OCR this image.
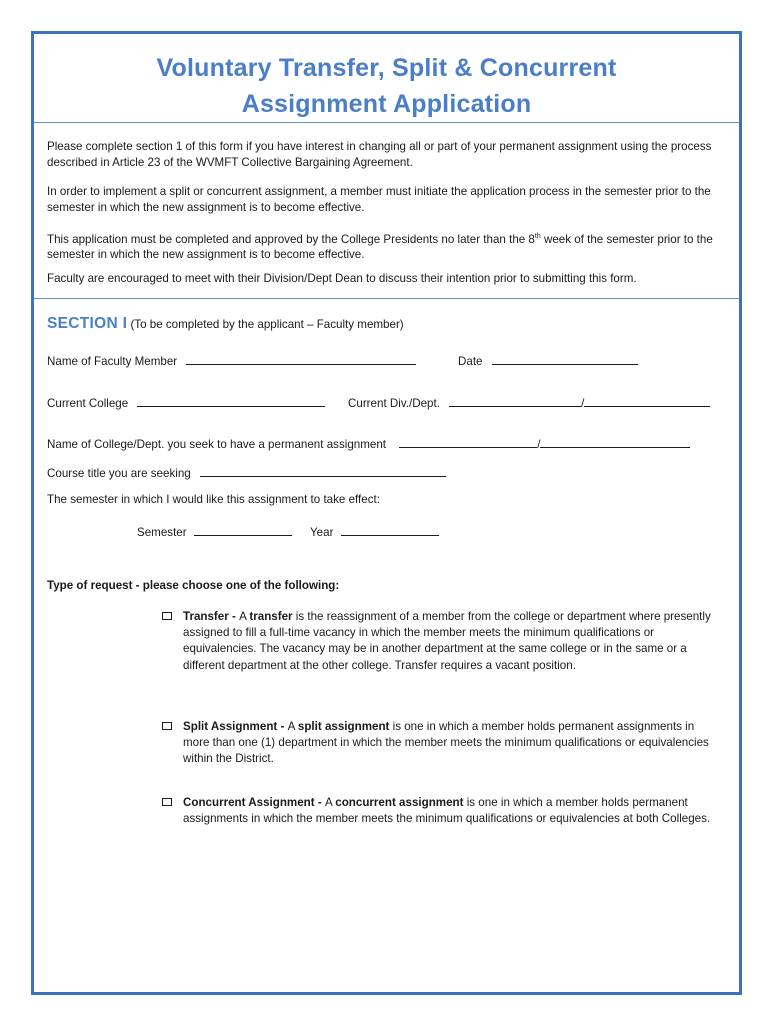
Voluntary Transfer, Split & Concurrent
Assignment Application
Please complete section 1 of this form if you have interest in changing all or part of your permanent assignment using the process described in Article 23 of the WVMFT Collective Bargaining Agreement.
In order to implement a split or concurrent assignment, a member must initiate the application process in the semester prior to the semester in which the new assignment is to become effective.
This application must be completed and approved by the College Presidents no later than the 8th week of the semester prior to the semester in which the new assignment is to become effective.
Faculty are encouraged to meet with their Division/Dept Dean to discuss their intention prior to submitting this form.
SECTION I (To be completed by the applicant – Faculty member)
Name of Faculty Member	Date
Current College	Current Div./Dept.	/
Name of College/Dept. you seek to have a permanent assignment	/
Course title you are seeking
The semester in which I would like this assignment to take effect:
Semester	Year
Type of request - please choose one of the following:
Transfer - A transfer is the reassignment of a member from the college or department where presently assigned to fill a full-time vacancy in which the member meets the minimum qualifications or equivalencies. The vacancy may be in another department at the same college or in the same or a different department at the other college. Transfer requires a vacant position.
Split Assignment - A split assignment is one in which a member holds permanent assignments in more than one (1) department in which the member meets the minimum qualifications or equivalencies within the District.
Concurrent Assignment - A concurrent assignment is one in which a member holds permanent assignments in which the member meets the minimum qualifications or equivalencies at both Colleges.
